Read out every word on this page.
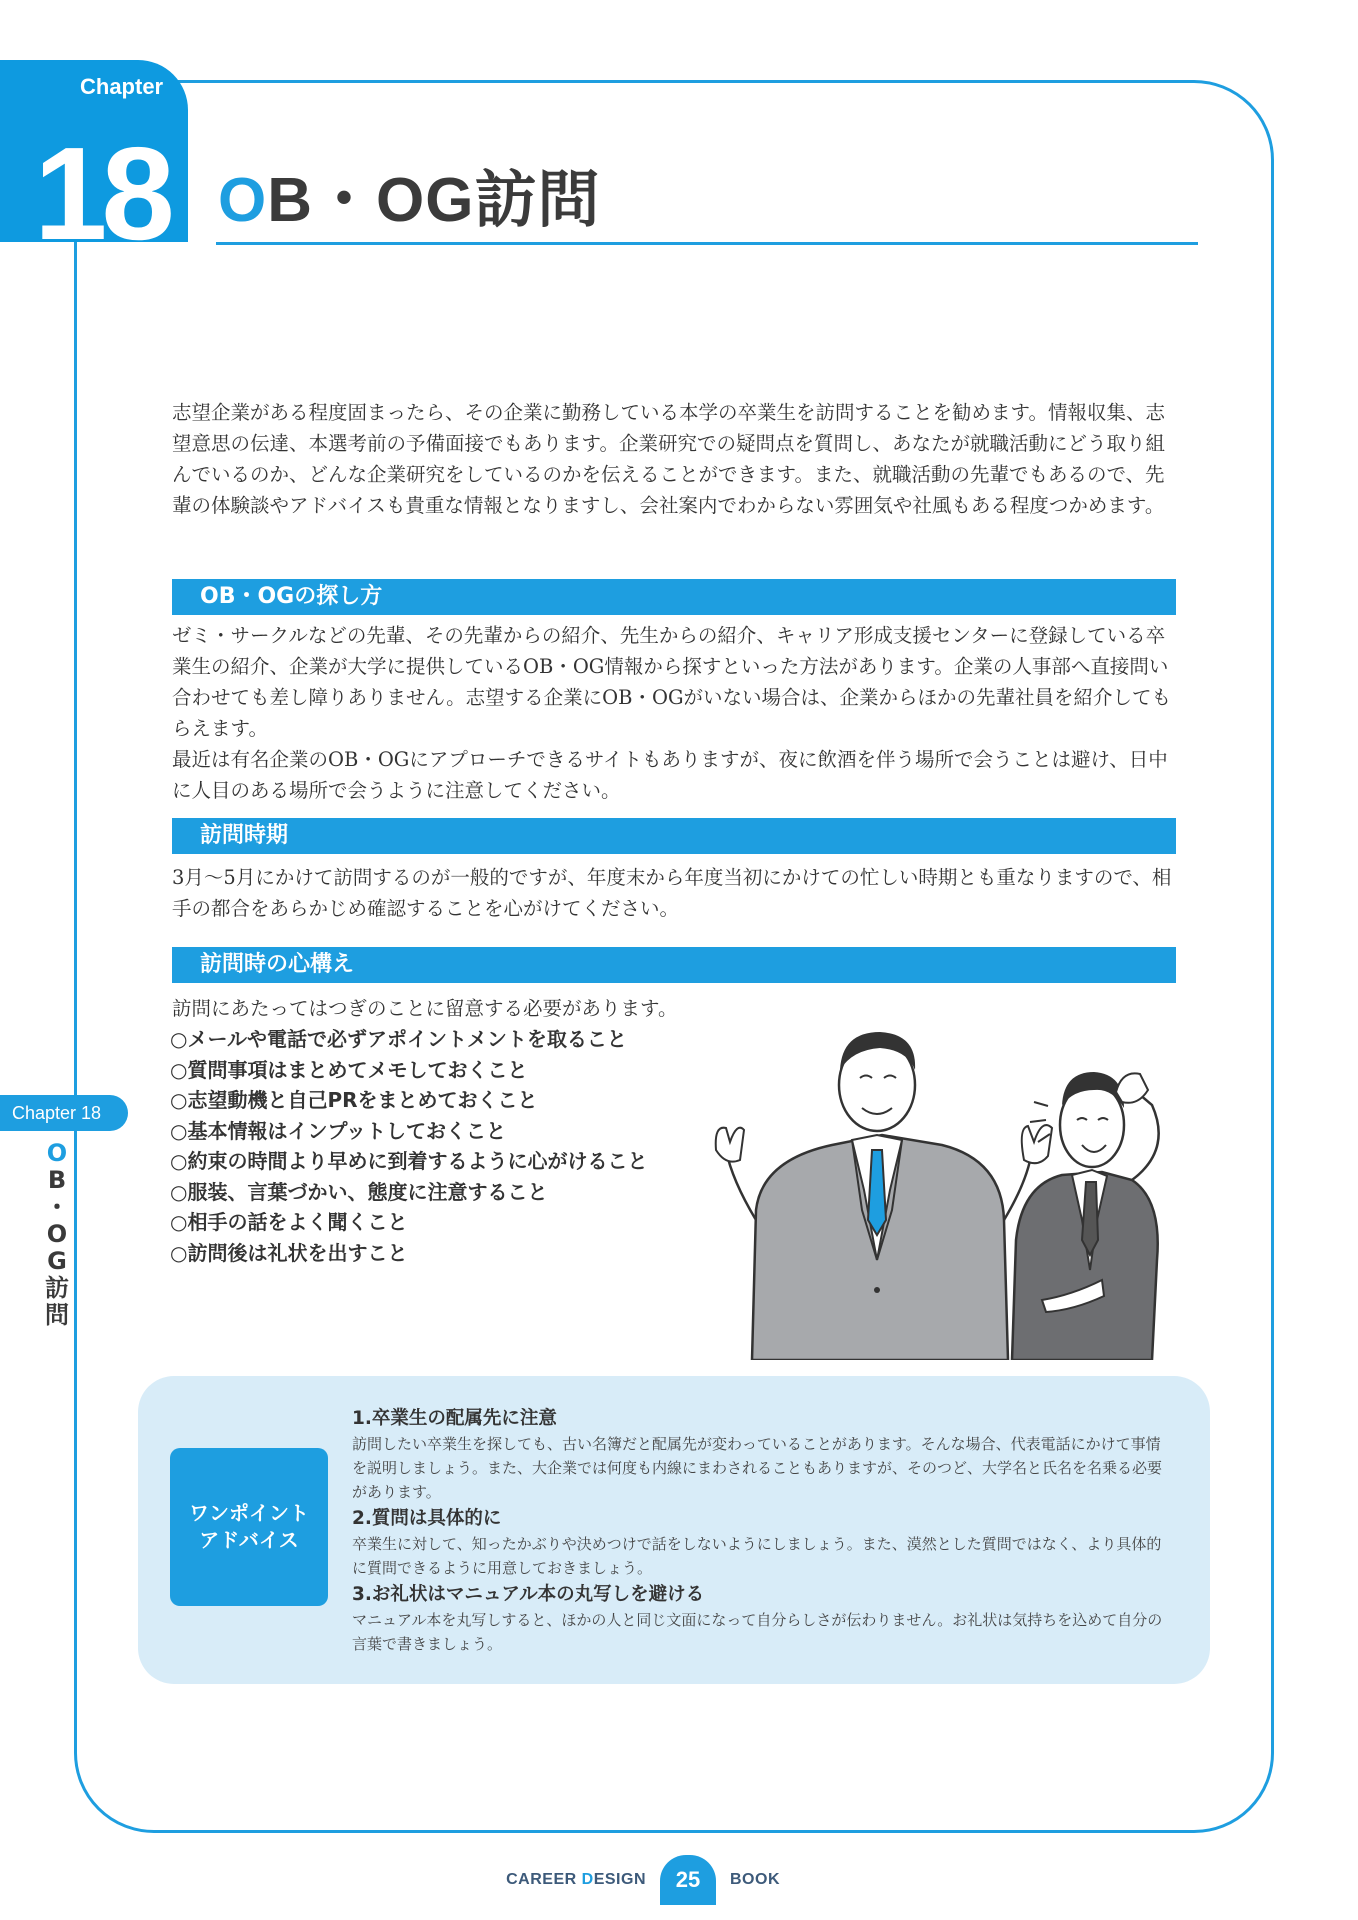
Chapter
18 OB・OG訪問

志望企業がある程度固まったら、その企業に勤務している本学の卒業生を訪問することを勧めます。情報収集、志望意思の伝達、本選考前の予備面接でもあります。企業研究での疑問点を質問し、あなたが就職活動にどう取り組んでいるのか、どんな企業研究をしているのかを伝えることができます。また、就職活動の先輩でもあるので、先輩の体験談やアドバイスも貴重な情報となりますし、会社案内でわからない雰囲気や社風もある程度つかめます。

OB・OGの探し方
ゼミ・サークルなどの先輩、その先輩からの紹介、先生からの紹介、キャリア形成支援センターに登録している卒業生の紹介、企業が大学に提供しているOB・OG情報から探すといった方法があります。企業の人事部へ直接問い合わせても差し障りありません。志望する企業にOB・OGがいない場合は、企業からほかの先輩社員を紹介してもらえます。
最近は有名企業のOB・OGにアプローチできるサイトもありますが、夜に飲酒を伴う場所で会うことは避け、日中に人目のある場所で会うように注意してください。
訪問時期

3月～5月にかけて訪問するのが一般的ですが、年度末から年度当初にかけての忙しい時期とも重なりますので、相手の都合をあらかじめ確認することを心がけてください。

訪問時の心構え

訪問にあたってはつぎのことに留意する必要があります。

○メールや電話で必ずアポイントメントを取ること
○質問事項はまとめてメモしておくこと
○志望動機と自己PRをまとめておくこと
○基本情報はインプットしておくこと
○約束の時間より早めに到着するように心がけること
○服装、言葉づかい、態度に注意すること
○相手の話をよく聞くこと
○訪問後は礼状を出すこと
Chapter 18
O
B
・
O
G
訪
問
ワンポイント
アドバイス
1.卒業生の配属先に注意
訪問したい卒業生を探しても、古い名簿だと配属先が変わっていることがあります。そんな場合、代表電話にかけて事情を説明しましょう。また、大企業では何度も内線にまわされることもありますが、そのつど、大学名と氏名を名乗る必要があります。
2.質問は具体的に
卒業生に対して、知ったかぶりや決めつけで話をしないようにしましょう。また、漠然とした質問ではなく、より具体的に質問できるように用意しておきましょう。
3.お礼状はマニュアル本の丸写しを避ける
マニュアル本を丸写しすると、ほかの人と同じ文面になって自分らしさが伝わりません。お礼状は気持ちを込めて自分の言葉で書きましょう。
CAREER DESIGN	25	BOOK
